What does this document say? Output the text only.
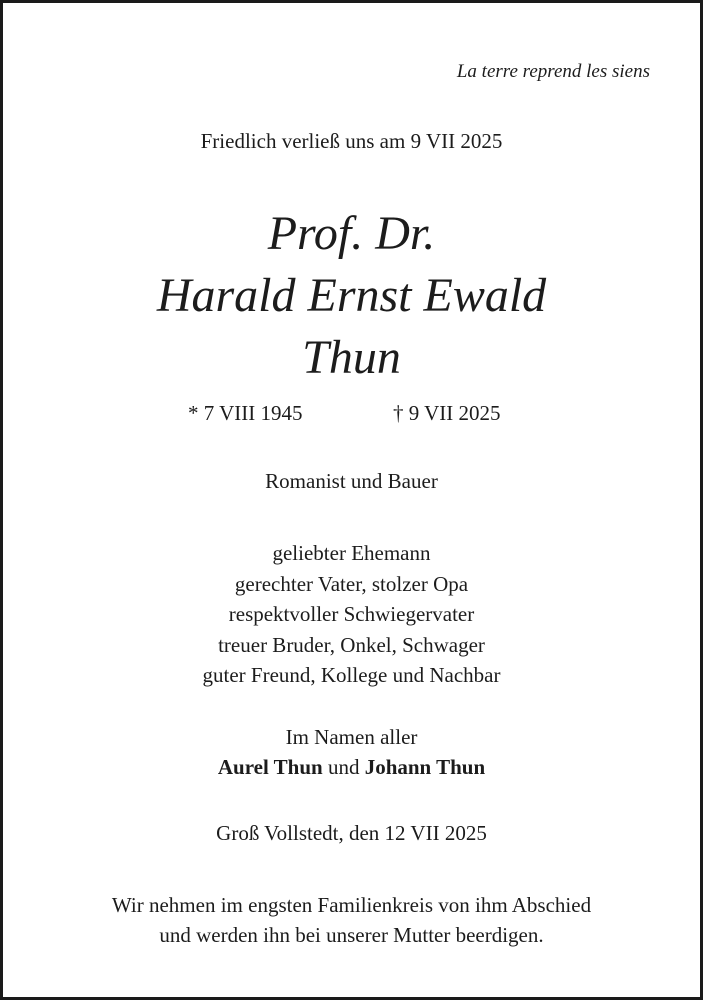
La terre reprend les siens
Friedlich verließ uns am 9 VII 2025
Prof. Dr.
Harald Ernst Ewald
Thun
* 7 VIII 1945	† 9 VII 2025
Romanist und Bauer
geliebter Ehemann
gerechter Vater, stolzer Opa
respektvoller Schwiegervater
treuer Bruder, Onkel, Schwager
guter Freund, Kollege und Nachbar
Im Namen aller
Aurel Thun und Johann Thun
Groß Vollstedt, den 12 VII 2025
Wir nehmen im engsten Familienkreis von ihm Abschied
und werden ihn bei unserer Mutter beerdigen.
